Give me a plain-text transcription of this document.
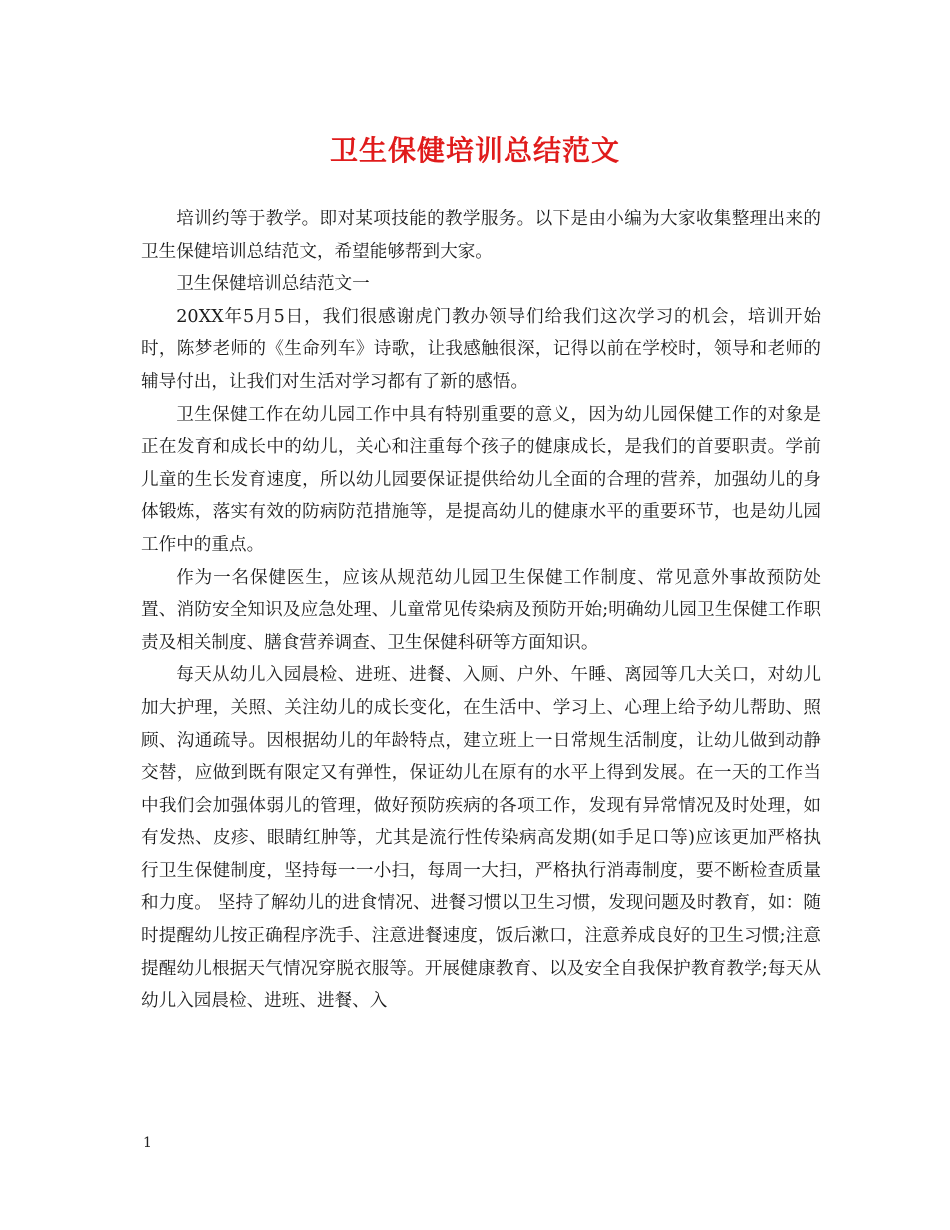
卫生保健培训总结范文

培训约等于教学。即对某项技能的教学服务。以下是由小编为大家收集整理出来的卫生保健培训总结范文，希望能够帮到大家。

卫生保健培训总结范文一

20XX年5月5日，我们很感谢虎门教办领导们给我们这次学习的机会，培训开始时，陈梦老师的《生命列车》诗歌，让我感触很深，记得以前在学校时，领导和老师的辅导付出，让我们对生活对学习都有了新的感悟。

卫生保健工作在幼儿园工作中具有特别重要的意义，因为幼儿园保健工作的对象是正在发育和成长中的幼儿，关心和注重每个孩子的健康成长，是我们的首要职责。学前儿童的生长发育速度，所以幼儿园要保证提供给幼儿全面的合理的营养，加强幼儿的身体锻炼，落实有效的防病防范措施等，是提高幼儿的健康水平的重要环节，也是幼儿园工作中的重点。

作为一名保健医生，应该从规范幼儿园卫生保健工作制度、常见意外事故预防处置、消防安全知识及应急处理、儿童常见传染病及预防开始;明确幼儿园卫生保健工作职责及相关制度、膳食营养调查、卫生保健科研等方面知识。

每天从幼儿入园晨检、进班、进餐、入厕、户外、午睡、离园等几大关口，对幼儿加大护理，关照、关注幼儿的成长变化，在生活中、学习上、心理上给予幼儿帮助、照顾、沟通疏导。因根据幼儿的年龄特点，建立班上一日常规生活制度，让幼儿做到动静交替，应做到既有限定又有弹性，保证幼儿在原有的水平上得到发展。在一天的工作当中我们会加强体弱儿的管理，做好预防疾病的各项工作，发现有异常情况及时处理，如有发热、皮疹、眼睛红肿等，尤其是流行性传染病高发期(如手足口等)应该更加严格执行卫生保健制度，坚持每一一小扫，每周一大扫，严格执行消毒制度，要不断检查质量和力度。 坚持了解幼儿的进食情况、进餐习惯以卫生习惯，发现问题及时教育，如：随时提醒幼儿按正确程序洗手、注意进餐速度，饭后漱口，注意养成良好的卫生习惯;注意提醒幼儿根据天气情况穿脱衣服等。开展健康教育、以及安全自我保护教育教学;每天从幼儿入园晨检、进班、进餐、入

1
